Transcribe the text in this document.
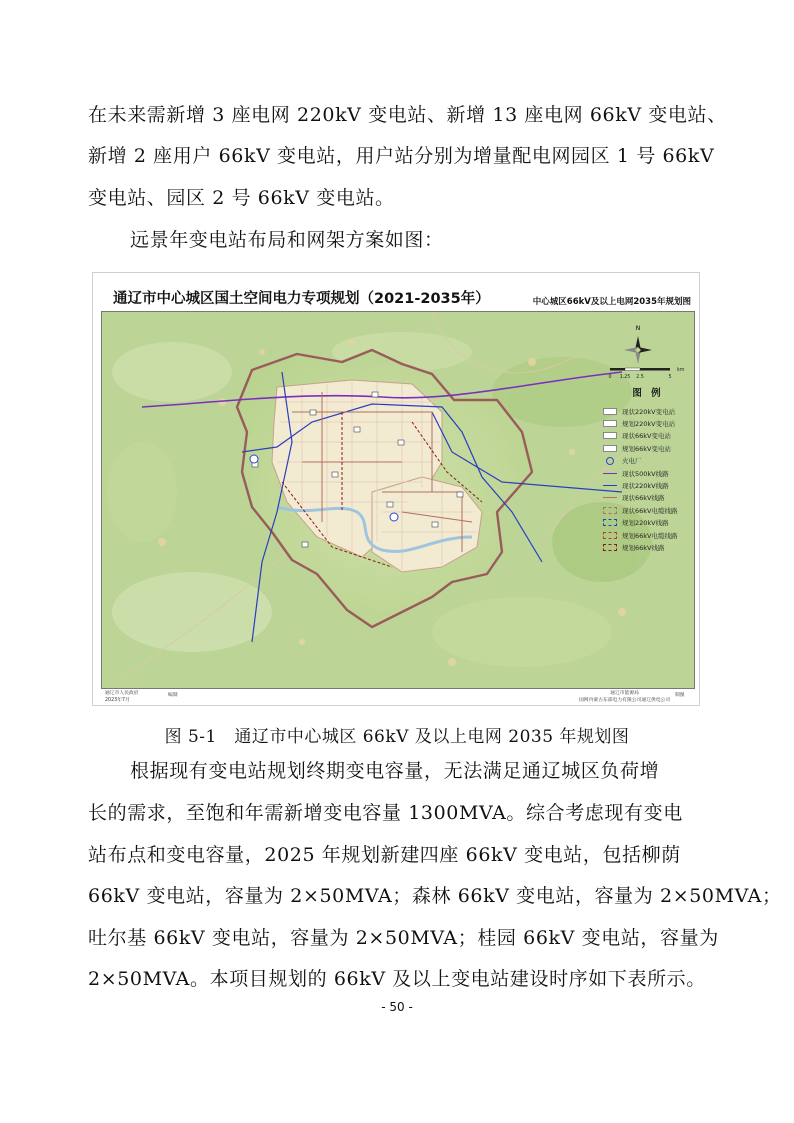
在未来需新增 3 座电网 220kV 变电站、新增 13 座电网 66kV 变电站、
新增 2 座用户 66kV 变电站，用户站分别为增量配电网园区 1 号 66kV
变电站、园区 2 号 66kV 变电站。
远景年变电站布局和网架方案如图：
通辽市中心城区国土空间电力专项规划（2021-2035年）	中心城区66kV及以上电网2035年规划图
N
0 1.25 2.5	5
km
图 例
现状220kV变电站
规划220kV变电站
现状66kV变电站
规划66kV变电站
火电厂
现状500kV线路
现状220kV线路
现状66kV线路
现状66kV电缆线路
规划220kV线路
规划66kV电缆线路
规划66kV线路
通辽市人民政府
2023年7月
编制	通辽市能源局
国网内蒙古东部电力有限公司通辽供电公司
制图
图 5-1　通辽市中心城区 66kV 及以上电网 2035 年规划图
根据现有变电站规划终期变电容量，无法满足通辽城区负荷增
长的需求，至饱和年需新增变电容量 1300MVA。综合考虑现有变电
站布点和变电容量，2025 年规划新建四座 66kV 变电站，包括柳荫
66kV 变电站，容量为 2×50MVA；森林 66kV 变电站，容量为 2×50MVA；
吐尔基 66kV 变电站，容量为 2×50MVA；桂园 66kV 变电站，容量为
2×50MVA。本项目规划的 66kV 及以上变电站建设时序如下表所示。
- 50 -
